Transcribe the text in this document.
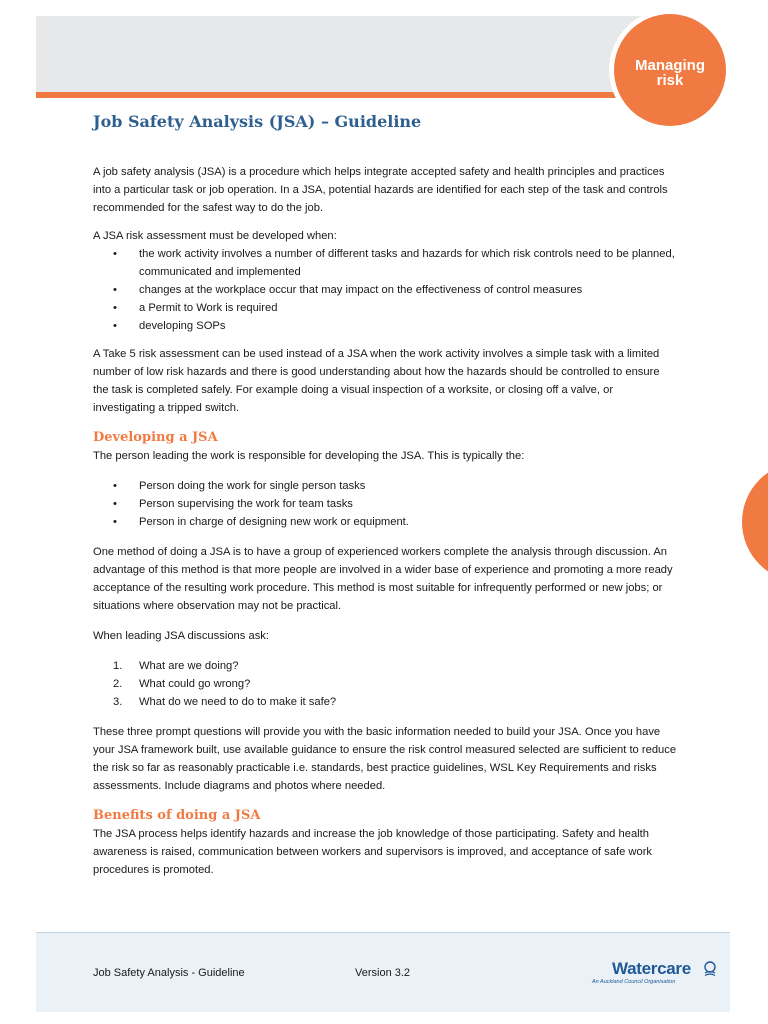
Managing
risk
Job Safety Analysis (JSA) – Guideline

A job safety analysis (JSA) is a procedure which helps integrate accepted safety and health principles and practices into a particular task or job operation. In a JSA, potential hazards are identified for each step of the task and controls recommended for the safest way to do the job.

A JSA risk assessment must be developed when:

• the work activity involves a number of different tasks and hazards for which risk controls need to be planned, communicated and implemented
• changes at the workplace occur that may impact on the effectiveness of control measures
• a Permit to Work is required
• developing SOPs

A Take 5 risk assessment can be used instead of a JSA when the work activity involves a simple task with a limited number of low risk hazards and there is good understanding about how the hazards should be controlled to ensure the task is completed safely. For example doing a visual inspection of a worksite, or closing off a valve, or investigating a tripped switch.

Developing a JSA

The person leading the work is responsible for developing the JSA. This is typically the:

• Person doing the work for single person tasks
• Person supervising the work for team tasks
• Person in charge of designing new work or equipment.

One method of doing a JSA is to have a group of experienced workers complete the analysis through discussion. An advantage of this method is that more people are involved in a wider base of experience and promoting a more ready acceptance of the resulting work procedure. This method is most suitable for infrequently performed or new jobs; or situations where observation may not be practical.

When leading JSA discussions ask:

1. What are we doing?
2. What could go wrong?
3. What do we need to do to make it safe?

These three prompt questions will provide you with the basic information needed to build your JSA. Once you have your JSA framework built, use available guidance to ensure the risk control measured selected are sufficient to reduce the risk so far as reasonably practicable i.e. standards, best practice guidelines, WSL Key Requirements and risks assessments. Include diagrams and photos where needed.

Benefits of doing a JSA

The JSA process helps identify hazards and increase the job knowledge of those participating. Safety and health awareness is raised, communication between workers and supervisors is improved, and acceptance of safe work procedures is promoted.

Job Safety Analysis - Guideline	Version 3.2	Watercare
An Auckland Council Organisation
